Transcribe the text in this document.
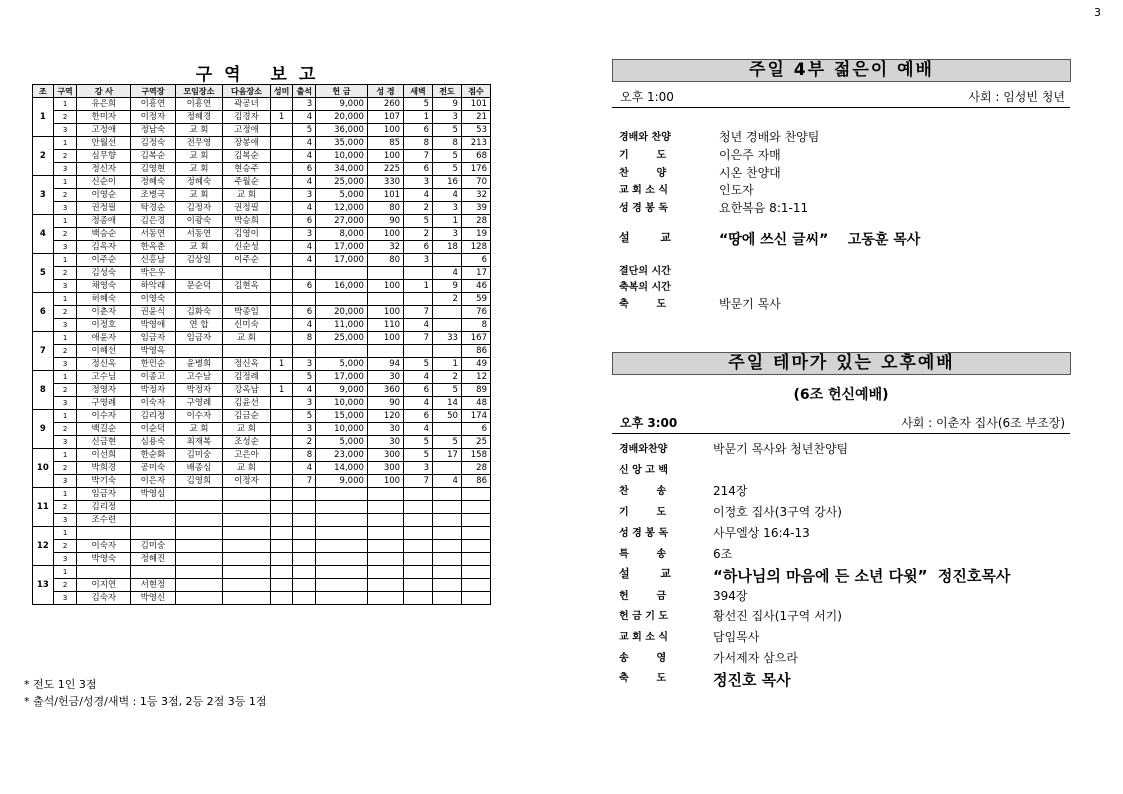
3
구역 보고
조	구역	강 사	구역장	모임장소	다음장소	성미	출석	헌 금	성 경	새벽	전도	점수
1	1	유은희	이흥연	이흥연	곽공녀		3	9,000	260	5	9	101
	2	한미자	이정자	정혜경	김경자	1	4	20,000	107	1	3	21
	3	고정애	정남숙	교 회	고정애		5	36,000	100	6	5	53
2	1	안월선	김정숙	전무영	장봉애		4	35,000	85	8	8	213
	2	심무향	김복순	교 회	김복순		4	10,000	100	7	5	68
	3	정신자	김영현	교 회	현승주		6	34,000	225	6	5	176
3	1	신순이	정혜숙	정혜숙	주월순		4	25,000	330	3	16	70
	2	이영순	조병국	교 회	교 회		3	5,000	101	4	4	32
	3	권정필	탁경순	김정자	권정필		4	12,000	80	2	3	39
4	1	정종애	김은경	이광숙	박승희		6	27,000	90	5	1	28
	2	백승순	서동연	서동연	김영이		3	8,000	100	2	3	19
	3	김옥자	한옥춘	교 회	신순성		4	17,000	32	6	18	128
5	1	이주순	신홍남	김상일	이주순		4	17,000	80	3		6
	2	김성숙	박은우								4	17
	3	채영숙	하악래	문순덕	김현옥		6	16,000	100	1	9	46
6	1	허혜숙	이영숙								2	59
	2	이춘자	권윤식	김화숙	박종임		6	20,000	100	7		76
	3	이정호	박영애	연 합	신미숙		4	11,000	110	4		8
7	1	애윤자	임금자	임금자	교 회		8	25,000	100	7	33	167
	2	이혜선	박영옥									86
	3	정신옥	한민순	윤병희	정신옥	1	3	5,000	94	5	1	49
8	1	고수님	이종고	고수남	김정례		5	17,000	30	4	2	12
	2	정영자	박정자	박정자	강옥남	1	4	9,000	360	6	5	89
	3	구영례	이숙자	구영례	김윤선		3	10,000	90	4	14	48
9	1	이수자	김리정	이수자	김금순		5	15,000	120	6	50	174
	2	백길순	이순덕	교 회	교 회		3	10,000	30	4		6
	3	신금현	심용숙	최재복	조성순		2	5,000	30	5	5	25
10	1	이선희	한순화	김미숭	고은아		8	23,000	300	5	17	158
	2	박희경	공미숙	배종심	교 회		4	14,000	300	3		28
	3	박기숙	이은자	김영희	이정자		7	9,000	100	7	4	86
11	1	임금자	박영심									
	2	김리정										
	3	조수련										
12	1											
	2	이숙자	김미숭									
	3	박영숙	정혜진									
13	1											
	2	이지연	서현정									
	3	김숙자	박영신									
* 전도 1인 3점
* 출석/헌금/성경/새벽 : 1등 3점, 2등 2점 3등 1점
주일 4부 젊은이 예배
오후 1:00	사회 : 임성빈 청년
경배와 찬양	청년 경배와 찬양팀
기        도	이은주 자매
찬        양	시온 찬양대
교 회 소 식	인도자
성 경 봉 독	요한복음 8:1-11
설        교	“땅에 쓰신 글씨”    고동훈 목사
결단의 시간
축복의 시간
축        도	박문기 목사
주일 테마가 있는 오후예배
(6조 헌신예배)
오후 3:00	사회 : 이춘자 집사(6조 부조장)
경배와찬양	박문기 목사와 청년찬양팀
신 앙 고 백
찬        송	214장
기        도	이정호 집사(3구역 강사)
성 경 봉 독	사무엘상 16:4-13
특        송	6조
설        교	“하나님의 마음에 든 소년 다윗”  정진호목사
헌        금	394장
헌 금 기 도	황선진 집사(1구역 서기)
교 회 소 식	담임목사
송        영	가서제자 삼으라
축        도	정진호 목사
